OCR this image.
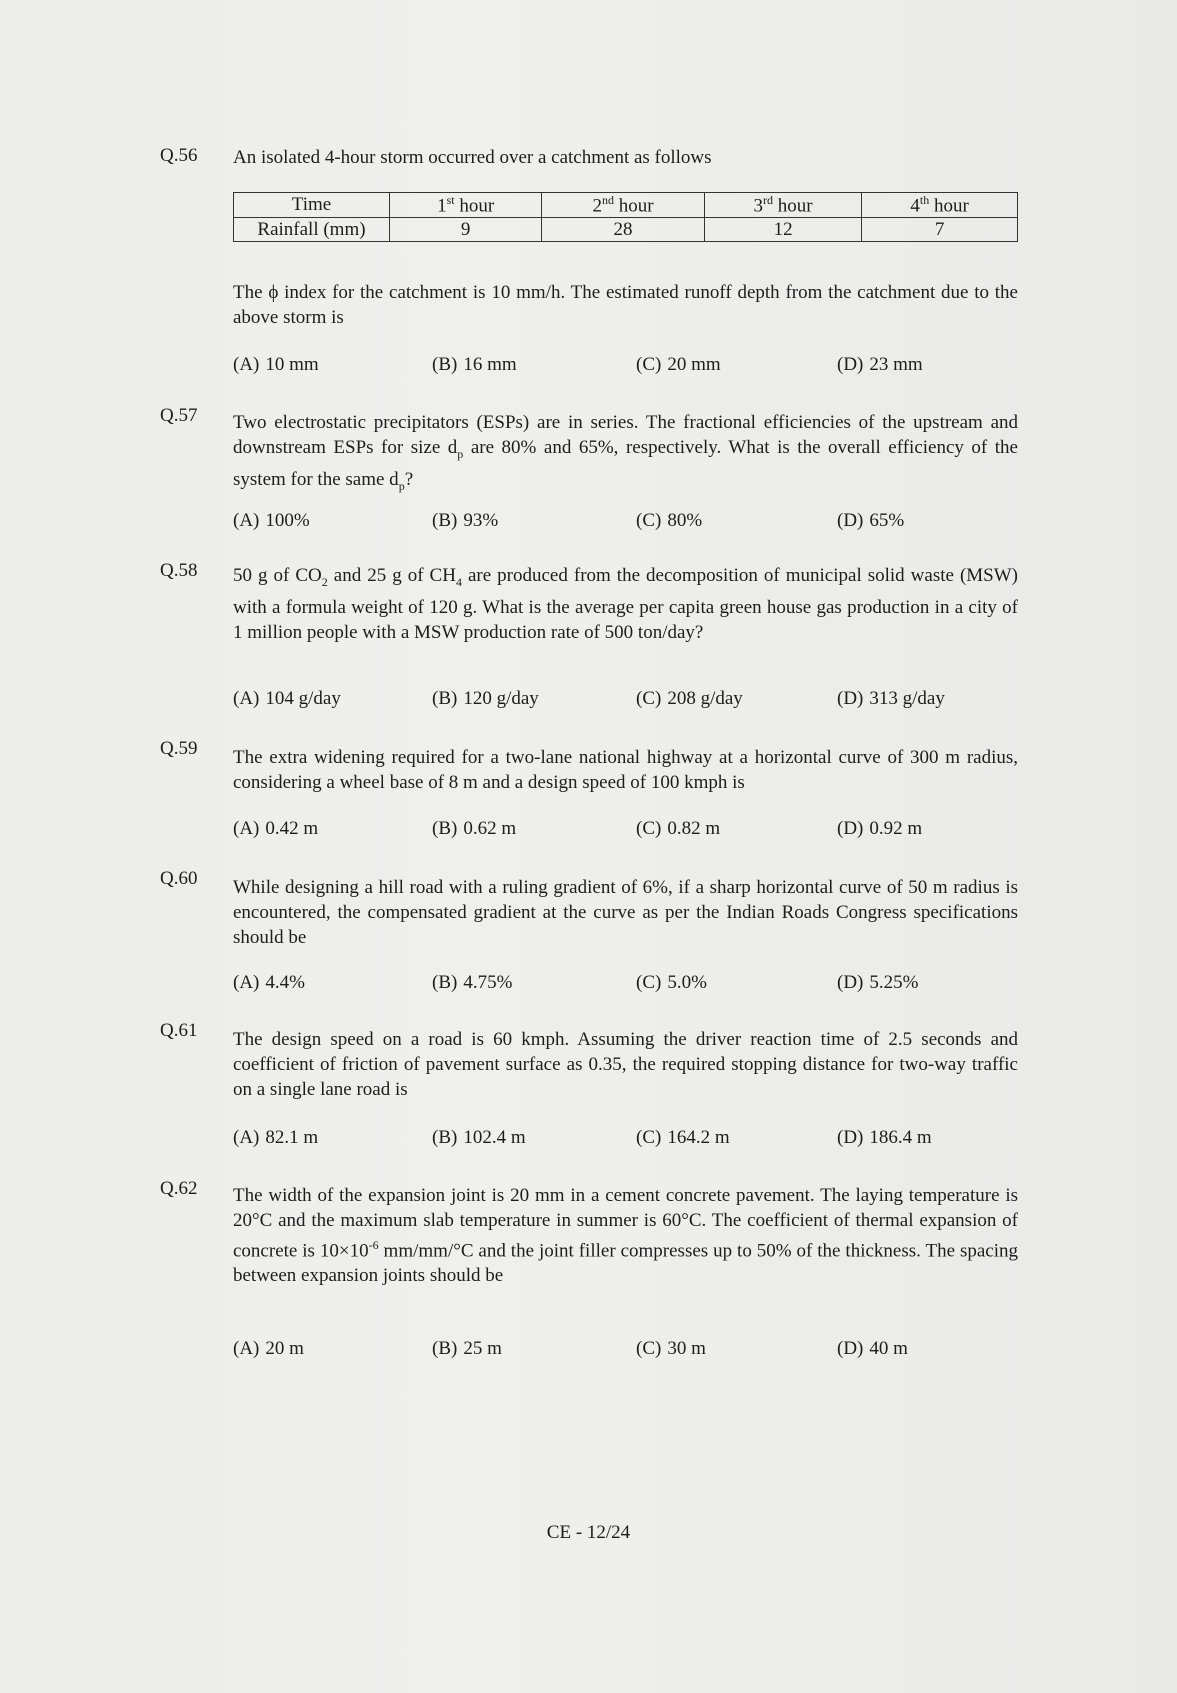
Q.56 An isolated 4-hour storm occurred over a catchment as follows
Time	1st hour	2nd hour	3rd hour	4th hour
Rainfall (mm)	9	28	12	7
The ϕ index for the catchment is 10 mm/h. The estimated runoff depth from the catchment due to the above storm is
(A) 10 mm	(B) 16 mm	(C) 20 mm	(D) 23 mm
Q.57 Two electrostatic precipitators (ESPs) are in series. The fractional efficiencies of the upstream and downstream ESPs for size $d_p$ are 80% and 65%, respectively. What is the overall efficiency of the system for the same $d_p$?
(A) 100%	(B) 93%	(C) 80%	(D) 65%
Q.58 50 g of $CO_2$ and 25 g of $CH_4$ are produced from the decomposition of municipal solid waste (MSW) with a formula weight of 120 g. What is the average per capita green house gas production in a city of 1 million people with a MSW production rate of 500 ton/day?
(A) 104 g/day	(B) 120 g/day	(C) 208 g/day	(D) 313 g/day
Q.59 The extra widening required for a two-lane national highway at a horizontal curve of 300 m radius, considering a wheel base of 8 m and a design speed of 100 kmph is
(A) 0.42 m	(B) 0.62 m	(C) 0.82 m	(D) 0.92 m
Q.60 While designing a hill road with a ruling gradient of 6%, if a sharp horizontal curve of 50 m radius is encountered, the compensated gradient at the curve as per the Indian Roads Congress specifications should be
(A) 4.4%	(B) 4.75%	(C) 5.0%	(D) 5.25%
Q.61 The design speed on a road is 60 kmph. Assuming the driver reaction time of 2.5 seconds and coefficient of friction of pavement surface as 0.35, the required stopping distance for two-way traffic on a single lane road is
(A) 82.1 m	(B) 102.4 m	(C) 164.2 m	(D) 186.4 m
Q.62 The width of the expansion joint is 20 mm in a cement concrete pavement. The laying temperature is 20°C and the maximum slab temperature in summer is 60°C. The coefficient of thermal expansion of concrete is $10\times 10^{-6}$ mm/mm/°C and the joint filler compresses up to 50% of the thickness. The spacing between expansion joints should be
(A) 20 m	(B) 25 m	(C) 30 m	(D) 40 m
CE - 12/24
